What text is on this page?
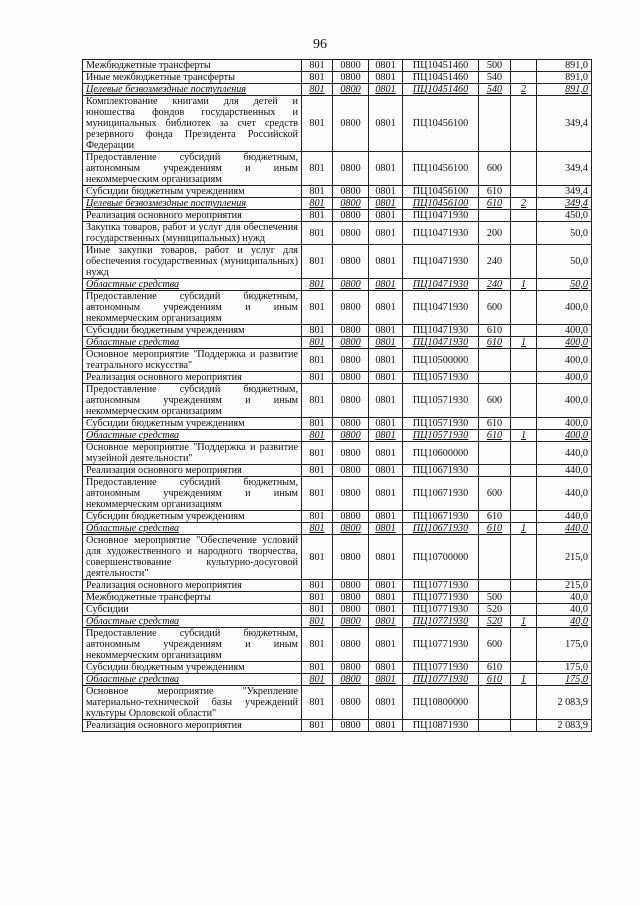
96
Межбюджетные трансферты	801	0800	0801	ПЦ10451460	500		891,0
Иные межбюджетные трансферты	801	0800	0801	ПЦ10451460	540		891,0
Целевые безвозмездные поступления	801	0800	0801	ПЦ10451460	540	2	891,0
Комплектование книгами для детей и юношества фондов государственных и муниципальных библиотек за счет средств резервного фонда Президента Российской Федерации	801	0800	0801	ПЦ10456100			349,4
Предоставление субсидий бюджетным, автономным учреждениям и иным некоммерческим организациям	801	0800	0801	ПЦ10456100	600		349,4
Субсидии бюджетным учреждениям	801	0800	0801	ПЦ10456100	610		349,4
Целевые безвозмездные поступления	801	0800	0801	ПЦ10456100	610	2	349,4
Реализация основного мероприятия	801	0800	0801	ПЦ10471930			450,0
Закупка товаров, работ и услуг для обеспечения государственных (муниципальных) нужд	801	0800	0801	ПЦ10471930	200		50,0
Иные закупки товаров, работ и услуг для обеспечения государственных (муниципальных) нужд	801	0800	0801	ПЦ10471930	240		50,0
Областные средства	801	0800	0801	ПЦ10471930	240	1	50,0
Предоставление субсидий бюджетным, автономным учреждениям и иным некоммерческим организациям	801	0800	0801	ПЦ10471930	600		400,0
Субсидии бюджетным учреждениям	801	0800	0801	ПЦ10471930	610		400,0
Областные средства	801	0800	0801	ПЦ10471930	610	1	400,0
Основное мероприятие "Поддержка и развитие театрального искусства"	801	0800	0801	ПЦ10500000			400,0
Реализация основного мероприятия	801	0800	0801	ПЦ10571930			400,0
Предоставление субсидий бюджетным, автономным учреждениям и иным некоммерческим организациям	801	0800	0801	ПЦ10571930	600		400,0
Субсидии бюджетным учреждениям	801	0800	0801	ПЦ10571930	610		400,0
Областные средства	801	0800	0801	ПЦ10571930	610	1	400,0
Основное мероприятие "Поддержка и развитие музейной деятельности"	801	0800	0801	ПЦ10600000			440,0
Реализация основного мероприятия	801	0800	0801	ПЦ10671930			440,0
Предоставление субсидий бюджетным, автономным учреждениям и иным некоммерческим организациям	801	0800	0801	ПЦ10671930	600		440,0
Субсидии бюджетным учреждениям	801	0800	0801	ПЦ10671930	610		440,0
Областные средства	801	0800	0801	ПЦ10671930	610	1	440,0
Основное мероприятие "Обеспечение условий для художественного и народного творчества, совершенствование культурно-досуговой деятельности"	801	0800	0801	ПЦ10700000			215,0
Реализация основного мероприятия	801	0800	0801	ПЦ10771930			215,0
Межбюджетные трансферты	801	0800	0801	ПЦ10771930	500		40,0
Субсидии	801	0800	0801	ПЦ10771930	520		40,0
Областные средства	801	0800	0801	ПЦ10771930	520	1	40,0
Предоставление субсидий бюджетным, автономным учреждениям и иным некоммерческим организациям	801	0800	0801	ПЦ10771930	600		175,0
Субсидии бюджетным учреждениям	801	0800	0801	ПЦ10771930	610		175,0
Областные средства	801	0800	0801	ПЦ10771930	610	1	175,0
Основное мероприятие "Укрепление материально-технической базы учреждений культуры Орловской области"	801	0800	0801	ПЦ10800000			2 083,9
Реализация основного мероприятия	801	0800	0801	ПЦ10871930			2 083,9
